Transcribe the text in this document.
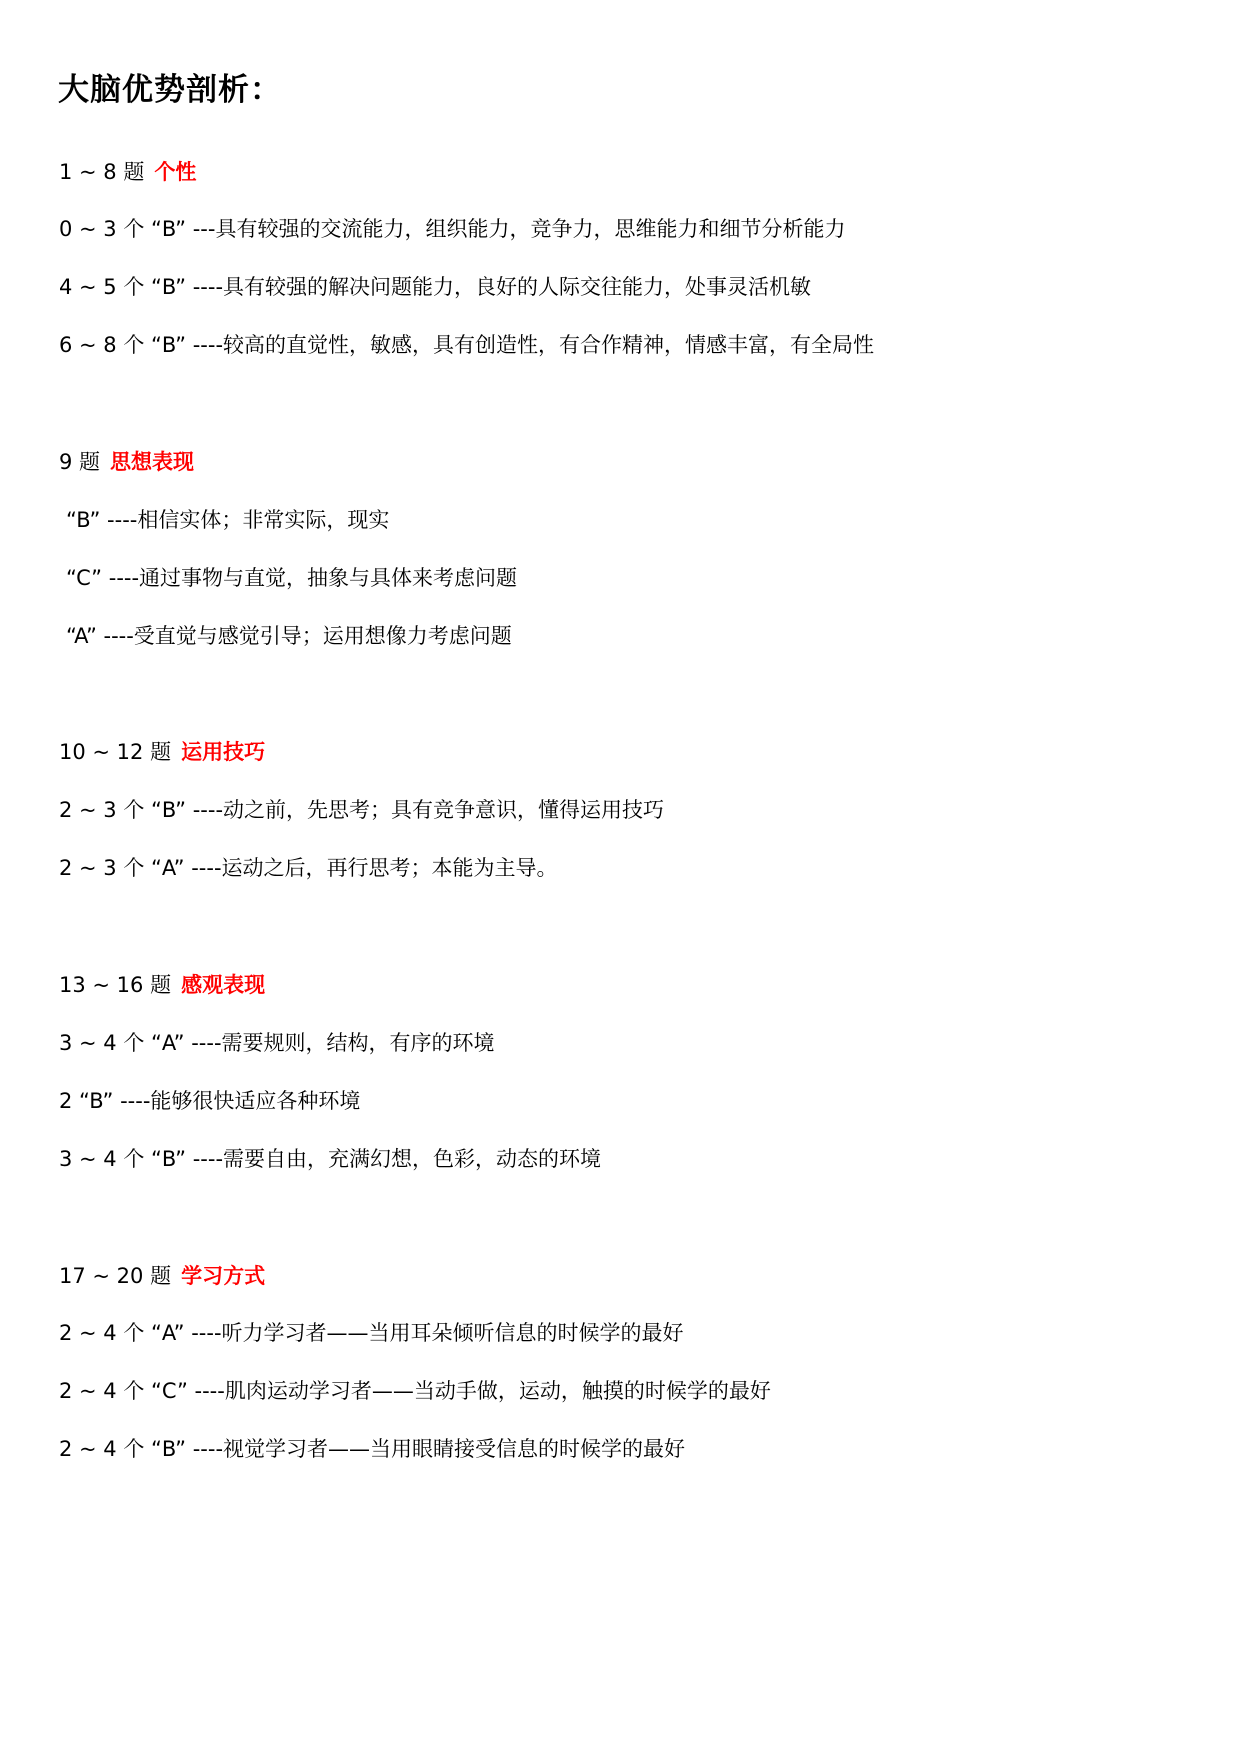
大脑优势剖析：
1 ~ 8 题 个性
0 ~ 3 个 “B” ---具有较强的交流能力，组织能力，竞争力，思维能力和细节分析能力
4 ~ 5 个 “B” ----具有较强的解决问题能力，良好的人际交往能力，处事灵活机敏
6 ~ 8 个 “B” ----较高的直觉性，敏感，具有创造性，有合作精神，情感丰富，有全局性
9 题 思想表现
“B” ----相信实体；非常实际，现实
“C” ----通过事物与直觉，抽象与具体来考虑问题
“A” ----受直觉与感觉引导；运用想像力考虑问题
10 ~ 12 题 运用技巧
2 ~ 3 个 “B” ----动之前，先思考；具有竞争意识，懂得运用技巧
2 ~ 3 个 “A” ----运动之后，再行思考；本能为主导。
13 ~ 16 题 感观表现
3 ~ 4 个 “A” ----需要规则，结构，有序的环境
2 “B” ----能够很快适应各种环境
3 ~ 4 个 “B” ----需要自由，充满幻想，色彩，动态的环境
17 ~ 20 题 学习方式
2 ~ 4 个 “A” ----听力学习者——当用耳朵倾听信息的时候学的最好
2 ~ 4 个 “C” ----肌肉运动学习者——当动手做，运动，触摸的时候学的最好
2 ~ 4 个 “B” ----视觉学习者——当用眼睛接受信息的时候学的最好
